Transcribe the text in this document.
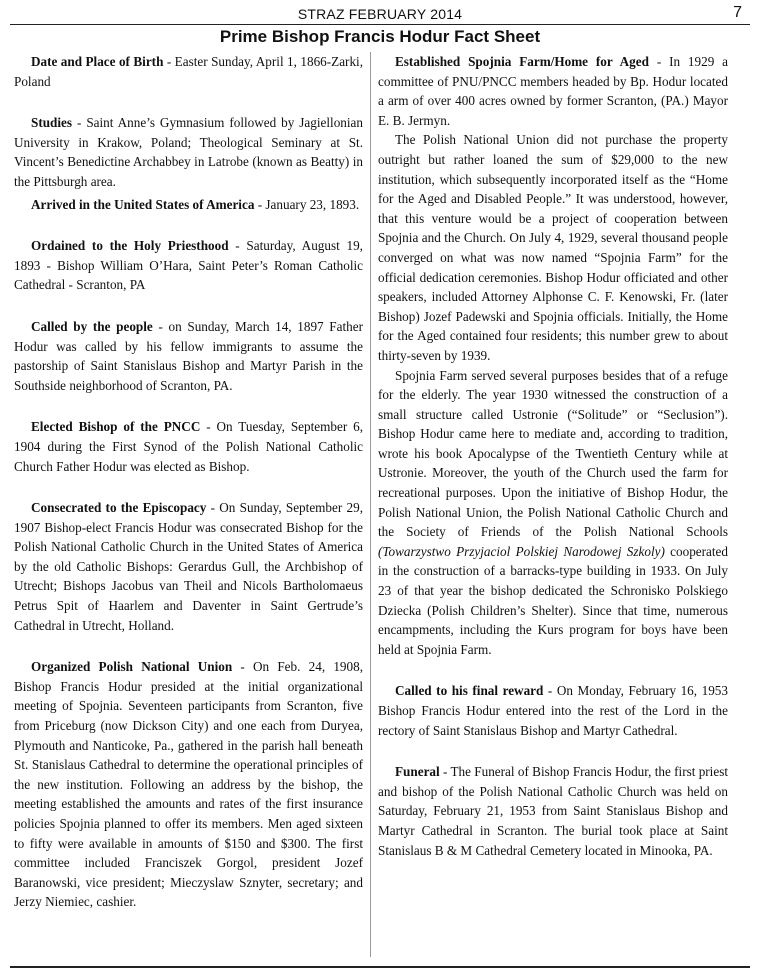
STRAZ FEBRUARY 2014	7
Prime Bishop Francis Hodur Fact Sheet

Date and Place of Birth - Easter Sunday, April 1, 1866-Zarki, Poland

Studies - Saint Anne’s Gymnasium followed by Jagiellonian University in Krakow, Poland; Theological Seminary at St. Vincent’s Benedictine Archabbey in Latrobe (known as Beatty) in the Pittsburgh area.

Arrived in the United States of America - January 23, 1893.

Ordained to the Holy Priesthood - Saturday, August 19, 1893 - Bishop William O’Hara, Saint Peter’s Roman Catholic Cathedral - Scranton, PA

Called by the people - on Sunday, March 14, 1897 Father Hodur was called by his fellow immigrants to assume the pastorship of Saint Stanislaus Bishop and Martyr Parish in the Southside neighborhood of Scranton, PA.

Elected Bishop of the PNCC - On Tuesday, September 6, 1904 during the First Synod of the Polish National Catholic Church Father Hodur was elected as Bishop.

Consecrated to the Episcopacy - On Sunday, September 29, 1907 Bishop-elect Francis Hodur was consecrated Bishop for the Polish National Catholic Church in the United States of America by the old Catholic Bishops: Gerardus Gull, the Archbishop of Utrecht; Bishops Jacobus van Theil and Nicols Bartholomaeus Petrus Spit of Haarlem and Daventer in Saint Gertrude’s Cathedral in Utrecht, Holland.

Organized Polish National Union - On Feb. 24, 1908, Bishop Francis Hodur presided at the initial organizational meeting of Spojnia. Seventeen participants from Scranton, five from Priceburg (now Dickson City) and one each from Duryea, Plymouth and Nanticoke, Pa., gathered in the parish hall beneath St. Stanislaus Cathedral to determine the operational principles of the new institution. Following an address by the bishop, the meeting established the amounts and rates of the first insurance policies Spojnia planned to offer its members. Men aged sixteen to fifty were available in amounts of $150 and $300. The first committee included Franciszek Gorgol, president Jozef Baranowski, vice president; Mieczyslaw Sznyter, secretary; and Jerzy Niemiec, cashier.

Established Spojnia Farm/Home for Aged - In 1929 a committee of PNU/PNCC members headed by Bp. Hodur located a arm of over 400 acres owned by former Scranton, (PA.) Mayor E. B. Jermyn.

The Polish National Union did not purchase the property outright but rather loaned the sum of $29,000 to the new institution, which subsequently incorporated itself as the “Home for the Aged and Disabled People.” It was understood, however, that this venture would be a project of cooperation between Spojnia and the Church. On July 4, 1929, several thousand people converged on what was now named “Spojnia Farm” for the official dedication ceremonies. Bishop Hodur officiated and other speakers, included Attorney Alphonse C. F. Kenowski, Fr. (later Bishop) Jozef Padewski and Spojnia officials. Initially, the Home for the Aged contained four residents; this number grew to about thirty-seven by 1939.

Spojnia Farm served several purposes besides that of a refuge for the elderly. The year 1930 witnessed the construction of a small structure called Ustronie (“Solitude” or “Seclusion”). Bishop Hodur came here to mediate and, according to tradition, wrote his book Apocalypse of the Twentieth Century while at Ustronie. Moreover, the youth of the Church used the farm for recreational purposes. Upon the initiative of Bishop Hodur, the Polish National Union, the Polish National Catholic Church and the Society of Friends of the Polish National Schools (Towarzystwo Przyjaciol Polskiej Narodowej Szkoly) cooperated in the construction of a barracks-type building in 1933. On July 23 of that year the bishop dedicated the Schronisko Polskiego Dziecka (Polish Children’s Shelter). Since that time, numerous encampments, including the Kurs program for boys have been held at Spojnia Farm.

Called to his final reward - On Monday, February 16, 1953 Bishop Francis Hodur entered into the rest of the Lord in the rectory of Saint Stanislaus Bishop and Martyr Cathedral.

Funeral - The Funeral of Bishop Francis Hodur, the first priest and bishop of the Polish National Catholic Church was held on Saturday, February 21, 1953 from Saint Stanislaus Bishop and Martyr Cathedral in Scranton. The burial took place at Saint Stanislaus B & M Cathedral Cemetery located in Minooka, PA.
